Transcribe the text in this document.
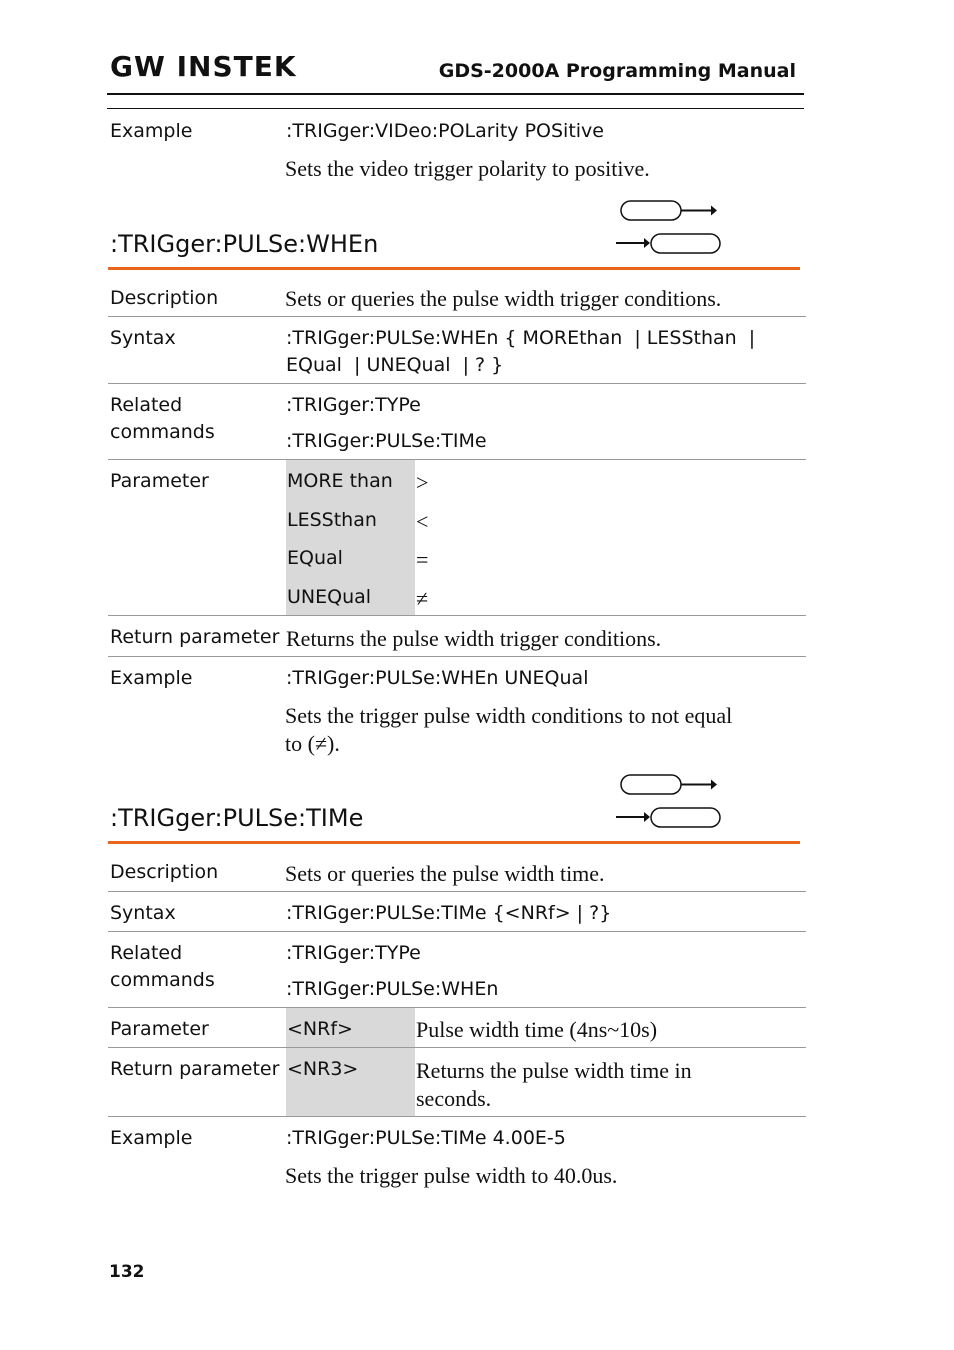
GW INSTEK	GDS-2000A Programming Manual
Example	:TRIGger:VIDeo:POLarity POSitive
Sets the video trigger polarity to positive.
:TRIGger:PULSe:WHEn
Description	Sets or queries the pulse width trigger conditions.
Syntax	:TRIGger:PULSe:WHEn { MOREthan  | LESSthan  |
EQual  | UNEQual  | ? }
Related
commands
:TRIGger:TYPe
:TRIGger:PULSe:TIMe
Parameter	MORE than >
LESSthan <
EQual	=
UNEQual ≠
Return parameter Returns the pulse width trigger conditions.
Example	:TRIGger:PULSe:WHEn UNEQual
Sets the trigger pulse width conditions to not equal
to (≠).
:TRIGger:PULSe:TIMe
Description	Sets or queries the pulse width time.
Syntax	:TRIGger:PULSe:TIMe {<NRf> | ?}
Related
commands
:TRIGger:TYPe
:TRIGger:PULSe:WHEn
Parameter	<NRf>	Pulse width time (4ns~10s)
Return parameter <NR3>	Returns the pulse width time in
seconds.
Example	:TRIGger:PULSe:TIMe 4.00E-5
Sets the trigger pulse width to 40.0us.
132
